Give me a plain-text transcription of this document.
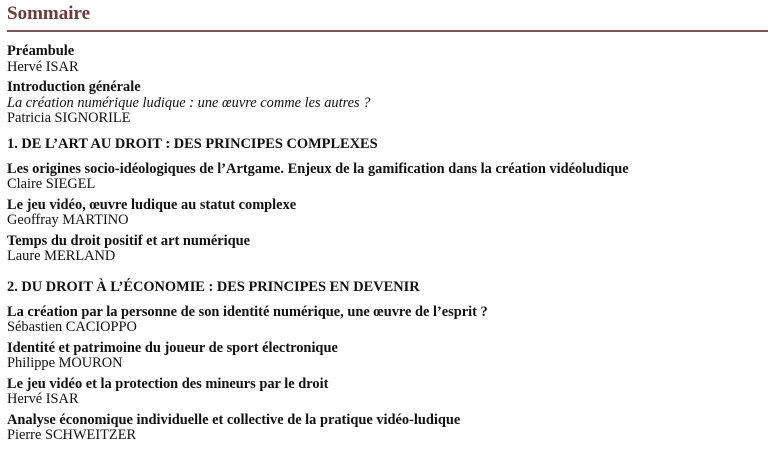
Sommaire
Préambule
Hervé ISAR
Introduction générale
La création numérique ludique : une œuvre comme les autres ?
Patricia SIGNORILE
1. DE L’ART AU DROIT : DES PRINCIPES COMPLEXES
Les origines socio-idéologiques de l’Artgame. Enjeux de la gamification dans la création vidéoludique
Claire SIEGEL
Le jeu vidéo, œuvre ludique au statut complexe
Geoffray MARTINO
Temps du droit positif et art numérique
Laure MERLAND
2. DU DROIT À L’ÉCONOMIE : DES PRINCIPES EN DEVENIR
La création par la personne de son identité numérique, une œuvre de l’esprit ?
Sébastien CACIOPPO
Identité et patrimoine du joueur de sport électronique
Philippe MOURON
Le jeu vidéo et la protection des mineurs par le droit
Hervé ISAR
Analyse économique individuelle et collective de la pratique vidéo-ludique
Pierre SCHWEITZER
